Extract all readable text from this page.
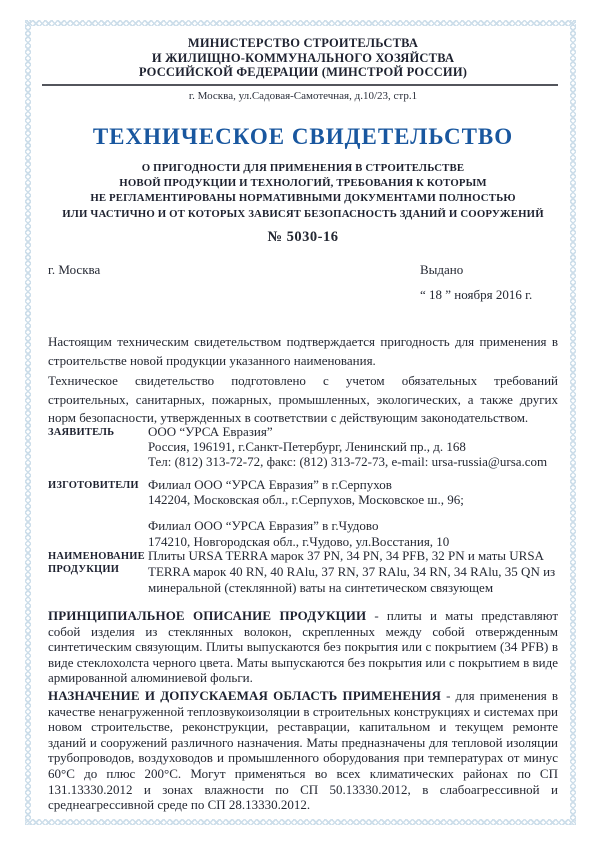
МИНИСТЕРСТВО СТРОИТЕЛЬСТВА
И ЖИЛИЩНО-КОММУНАЛЬНОГО ХОЗЯЙСТВА
РОССИЙСКОЙ ФЕДЕРАЦИИ (МИНСТРОЙ РОССИИ)
г. Москва, ул.Садовая-Самотечная, д.10/23, стр.1
ТЕХНИЧЕСКОЕ СВИДЕТЕЛЬСТВО
О ПРИГОДНОСТИ ДЛЯ ПРИМЕНЕНИЯ В СТРОИТЕЛЬСТВЕ
НОВОЙ ПРОДУКЦИИ И ТЕХНОЛОГИЙ, ТРЕБОВАНИЯ К КОТОРЫМ
НЕ РЕГЛАМЕНТИРОВАНЫ НОРМАТИВНЫМИ ДОКУМЕНТАМИ ПОЛНОСТЬЮ
ИЛИ ЧАСТИЧНО И ОТ КОТОРЫХ ЗАВИСЯТ БЕЗОПАСНОСТЬ ЗДАНИЙ И СООРУЖЕНИЙ
№ 5030-16
г. Москва	Выдано
“ 18 ” ноября 2016 г.
Настоящим техническим свидетельством подтверждается пригодность для применения в строительстве новой продукции указанного наименования.
Техническое свидетельство подготовлено с учетом обязательных требований строительных, санитарных, пожарных, промышленных, экологических, а также других норм безопасности, утвержденных в соответствии с действующим законодательством.
ЗАЯВИТЕЛЬ	ООО “УРСА Евразия”
Россия, 196191, г.Санкт-Петербург, Ленинский пр., д. 168
Тел: (812) 313-72-72, факс: (812) 313-72-73, e-mail: ursa-russia@ursa.com
ИЗГОТОВИТЕЛИ Филиал ООО “УРСА Евразия” в г.Серпухов
142204, Московская обл., г.Серпухов, Московское ш., 96;
Филиал ООО “УРСА Евразия” в г.Чудово
174210, Новгородская обл., г.Чудово, ул.Восстания, 10
НАИМЕНОВАНИЕ
ПРОДУКЦИИ
Плиты URSA TERRA марок 37 PN, 34 PN, 34 PFB, 32 PN и маты URSA TERRA марок 40 RN, 40 RAlu, 37 RN, 37 RAlu, 34 RN, 34 RAlu, 35 QN из минеральной (стеклянной) ваты на синтетическом связующем
ПРИНЦИПИАЛЬНОЕ ОПИСАНИЕ ПРОДУКЦИИ - плиты и маты представляют собой изделия из стеклянных волокон, скрепленных между собой отвержденным синтетическим связующим. Плиты выпускаются без покрытия или с покрытием (34 PFB) в виде стеклохолста черного цвета. Маты выпускаются без покрытия или с покрытием в виде армированной алюминиевой фольги.
НАЗНАЧЕНИЕ И ДОПУСКАЕМАЯ ОБЛАСТЬ ПРИМЕНЕНИЯ - для применения в качестве ненагруженной теплозвукоизоляции в строительных конструкциях и системах при новом строительстве, реконструкции, реставрации, капитальном и текущем ремонте зданий и сооружений различного назначения. Маты предназначены для тепловой изоляции трубопроводов, воздуховодов и промышленного оборудования при температурах от минус 60°С до плюс 200°С. Могут применяться во всех климатических районах по СП 131.13330.2012 и зонах влажности по СП 50.13330.2012, в слабоагрессивной и среднеагрессивной среде по СП 28.13330.2012.
